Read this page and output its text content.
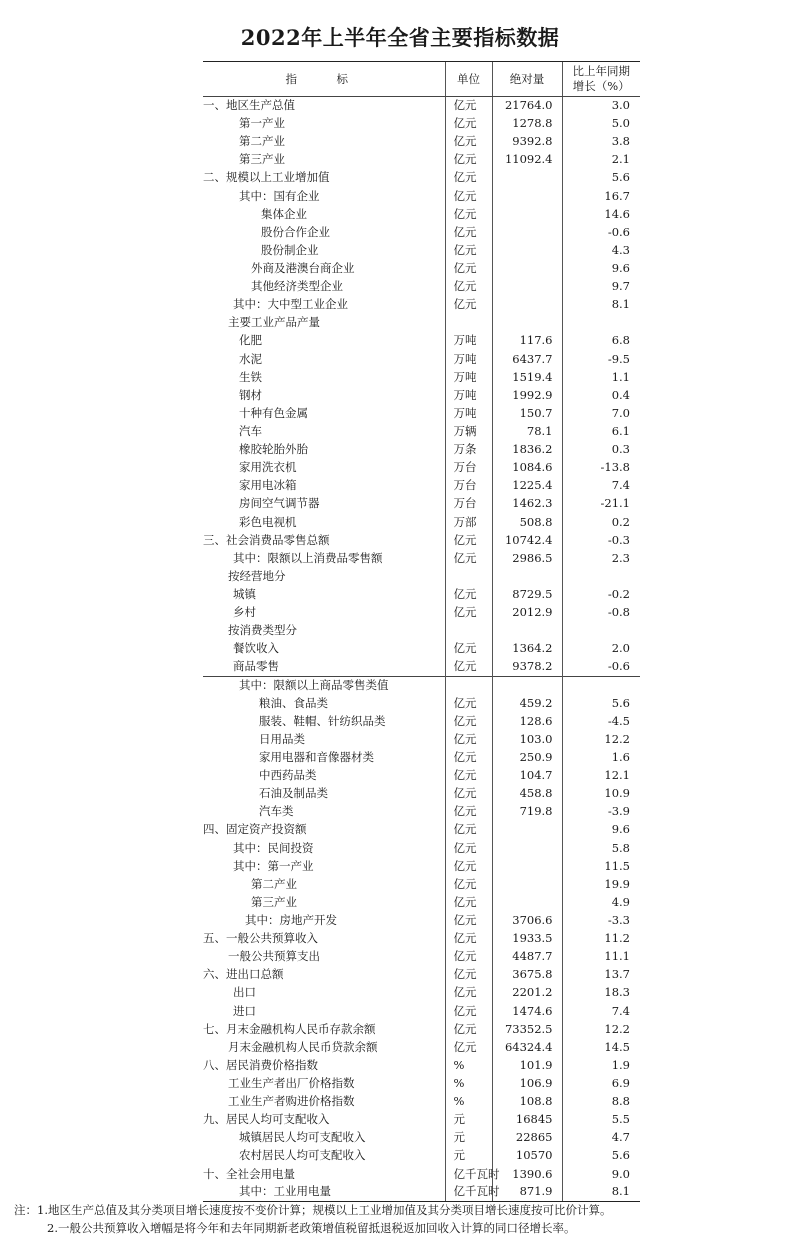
2022年上半年全省主要指标数据
指　标	单位	绝对量	比上年同期
增长（%）

一、地区生产总值	亿元	21764.0	3.0
第一产业	亿元	1278.8	5.0
第二产业	亿元	9392.8	3.8
第三产业	亿元	11092.4	2.1
二、规模以上工业增加值	亿元		5.6
其中：国有企业	亿元		16.7
集体企业	亿元		14.6
股份合作企业	亿元		-0.6
股份制企业	亿元		4.3
外商及港澳台商企业	亿元		9.6
其他经济类型企业	亿元		9.7
其中：大中型工业企业	亿元		8.1
主要工业产品产量			
化肥	万吨	117.6	6.8
水泥	万吨	6437.7	-9.5
生铁	万吨	1519.4	1.1
钢材	万吨	1992.9	0.4
十种有色金属	万吨	150.7	7.0
汽车	万辆	78.1	6.1
橡胶轮胎外胎	万条	1836.2	0.3
家用洗衣机	万台	1084.6	-13.8
家用电冰箱	万台	1225.4	7.4
房间空气调节器	万台	1462.3	-21.1
彩色电视机	万部	508.8	0.2
三、社会消费品零售总额	亿元	10742.4	-0.3
其中：限额以上消费品零售额	亿元	2986.5	2.3
按经营地分			
城镇	亿元	8729.5	-0.2
乡村	亿元	2012.9	-0.8
按消费类型分			
餐饮收入	亿元	1364.2	2.0
商品零售	亿元	9378.2	-0.6
其中：限额以上商品零售类值			
粮油、食品类	亿元	459.2	5.6
服装、鞋帽、针纺织品类	亿元	128.6	-4.5
日用品类	亿元	103.0	12.2
家用电器和音像器材类	亿元	250.9	1.6
中西药品类	亿元	104.7	12.1
石油及制品类	亿元	458.8	10.9
汽车类	亿元	719.8	-3.9
四、固定资产投资额	亿元		9.6
其中：民间投资	亿元		5.8
其中：第一产业	亿元		11.5
第二产业	亿元		19.9
第三产业	亿元		4.9
其中：房地产开发	亿元	3706.6	-3.3
五、一般公共预算收入	亿元	1933.5	11.2
一般公共预算支出	亿元	4487.7	11.1
六、进出口总额	亿元	3675.8	13.7
出口	亿元	2201.2	18.3
进口	亿元	1474.6	7.4
七、月末金融机构人民币存款余额	亿元	73352.5	12.2
月末金融机构人民币贷款余额	亿元	64324.4	14.5
八、居民消费价格指数	%	101.9	1.9
工业生产者出厂价格指数	%	106.9	6.9
工业生产者购进价格指数	%	108.8	8.8
九、居民人均可支配收入	元	16845	5.5
城镇居民人均可支配收入	元	22865	4.7
农村居民人均可支配收入	元	10570	5.6
十、全社会用电量	亿千瓦时	1390.6	9.0
其中：工业用电量	亿千瓦时	871.9	8.1
注：1.地区生产总值及其分类项目增长速度按不变价计算；规模以上工业增加值及其分类项目增长速度按可比价计算。
2.一般公共预算收入增幅是将今年和去年同期新老政策增值税留抵退税返加回收入计算的同口径增长率。
